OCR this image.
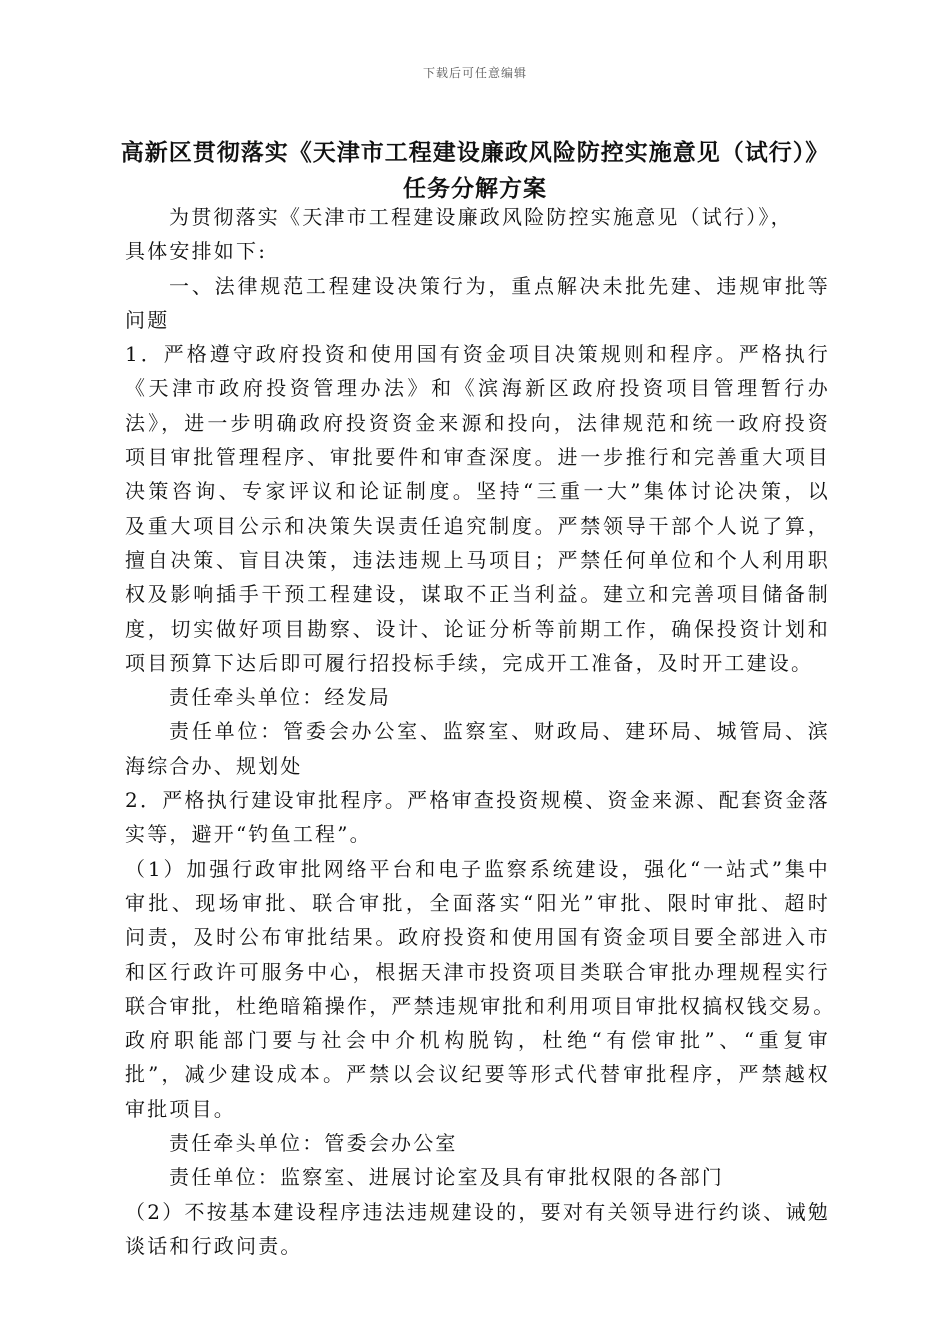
下载后可任意编辑
高新区贯彻落实《天津市工程建设廉政风险防控实施意见（试行）》
任务分解方案
为贯彻落实《天津市工程建设廉政风险防控实施意见（试行）》，
具体安排如下:
一、法律规范工程建设决策行为，重点解决未批先建、违规审批等
问题
1．严格遵守政府投资和使用国有资金项目决策规则和程序。严格执行
《天津市政府投资管理办法》和《滨海新区政府投资项目管理暂行办
法》，进一步明确政府投资资金来源和投向，法律规范和统一政府投资
项目审批管理程序、审批要件和审查深度。进一步推行和完善重大项目
决策咨询、专家评议和论证制度。坚持“三重一大”集体讨论决策，以
及重大项目公示和决策失误责任追究制度。严禁领导干部个人说了算，
擅自决策、盲目决策，违法违规上马项目；严禁任何单位和个人利用职
权及影响插手干预工程建设，谋取不正当利益。建立和完善项目储备制
度，切实做好项目勘察、设计、论证分析等前期工作，确保投资计划和
项目预算下达后即可履行招投标手续，完成开工准备，及时开工建设。
责任牵头单位：经发局
责任单位：管委会办公室、监察室、财政局、建环局、城管局、滨
海综合办、规划处
2．严格执行建设审批程序。严格审查投资规模、资金来源、配套资金落
实等，避开“钓鱼工程”。
（1）加强行政审批网络平台和电子监察系统建设，强化“一站式”集中
审批、现场审批、联合审批，全面落实“阳光”审批、限时审批、超时
问责，及时公布审批结果。政府投资和使用国有资金项目要全部进入市
和区行政许可服务中心，根据天津市投资项目类联合审批办理规程实行
联合审批，杜绝暗箱操作，严禁违规审批和利用项目审批权搞权钱交易。
政府职能部门要与社会中介机构脱钩，杜绝“有偿审批”、“重复审
批”，减少建设成本。严禁以会议纪要等形式代替审批程序，严禁越权
审批项目。
责任牵头单位：管委会办公室
责任单位：监察室、进展讨论室及具有审批权限的各部门
（2）不按基本建设程序违法违规建设的，要对有关领导进行约谈、诫勉
谈话和行政问责。
